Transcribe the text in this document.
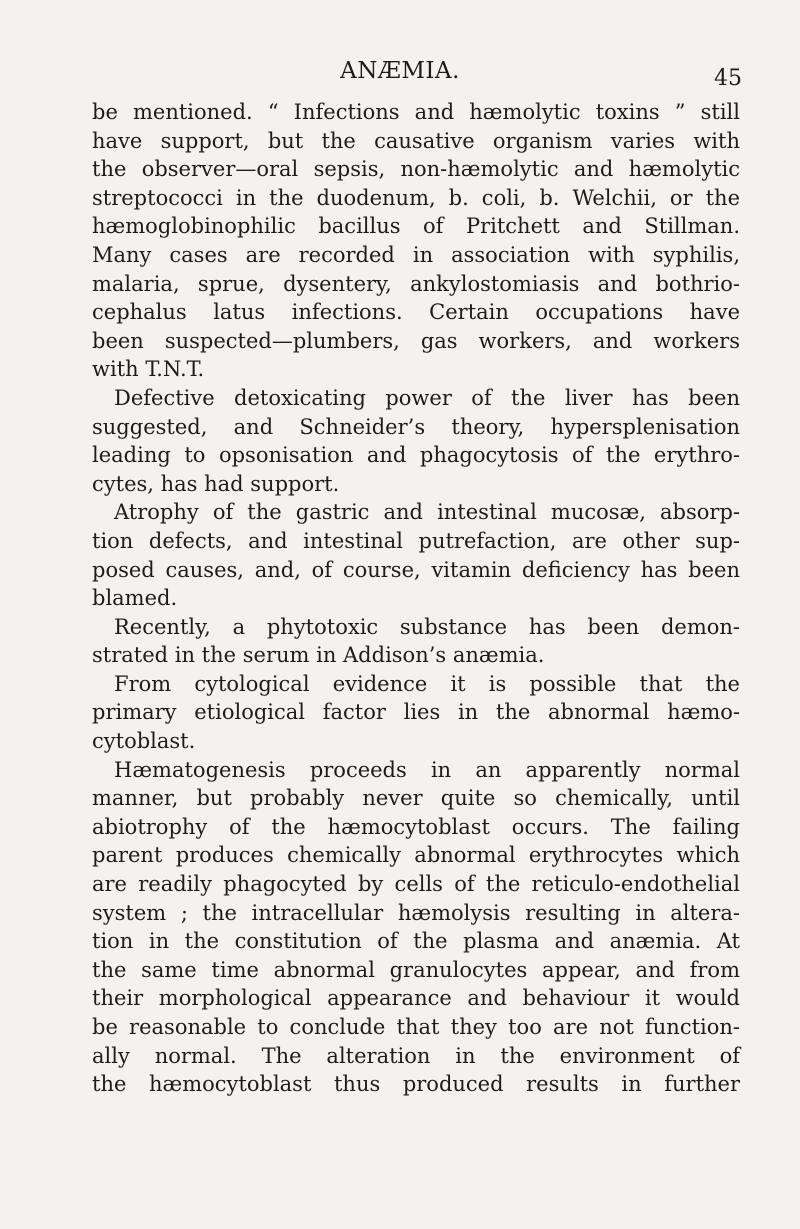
ANÆMIA.	45
be mentioned. “ Infections and hæmolytic toxins ” still
have support, but the causative organism varies with
the observer—oral sepsis, non-hæmolytic and hæmolytic
streptococci in the duodenum, b. coli, b. Welchii, or the
hæmoglobinophilic bacillus of Pritchett and Stillman.
Many cases are recorded in association with syphilis,
malaria, sprue, dysentery, ankylostomiasis and bothrio-
cephalus latus infections. Certain occupations have
been suspected—plumbers, gas workers, and workers
with T.N.T.
Defective detoxicating power of the liver has been
suggested, and Schneider’s theory, hypersplenisation
leading to opsonisation and phagocytosis of the erythro-
cytes, has had support.
Atrophy of the gastric and intestinal mucosæ, absorp-
tion defects, and intestinal putrefaction, are other sup-
posed causes, and, of course, vitamin deficiency has been
blamed.
Recently, a phytotoxic substance has been demon-
strated in the serum in Addison’s anæmia.
From cytological evidence it is possible that the
primary etiological factor lies in the abnormal hæmo-
cytoblast.
Hæmatogenesis proceeds in an apparently normal
manner, but probably never quite so chemically, until
abiotrophy of the hæmocytoblast occurs. The failing
parent produces chemically abnormal erythrocytes which
are readily phagocyted by cells of the reticulo-endothelial
system ; the intracellular hæmolysis resulting in altera-
tion in the constitution of the plasma and anæmia. At
the same time abnormal granulocytes appear, and from
their morphological appearance and behaviour it would
be reasonable to conclude that they too are not function-
ally normal. The alteration in the environment of
the hæmocytoblast thus produced results in further
